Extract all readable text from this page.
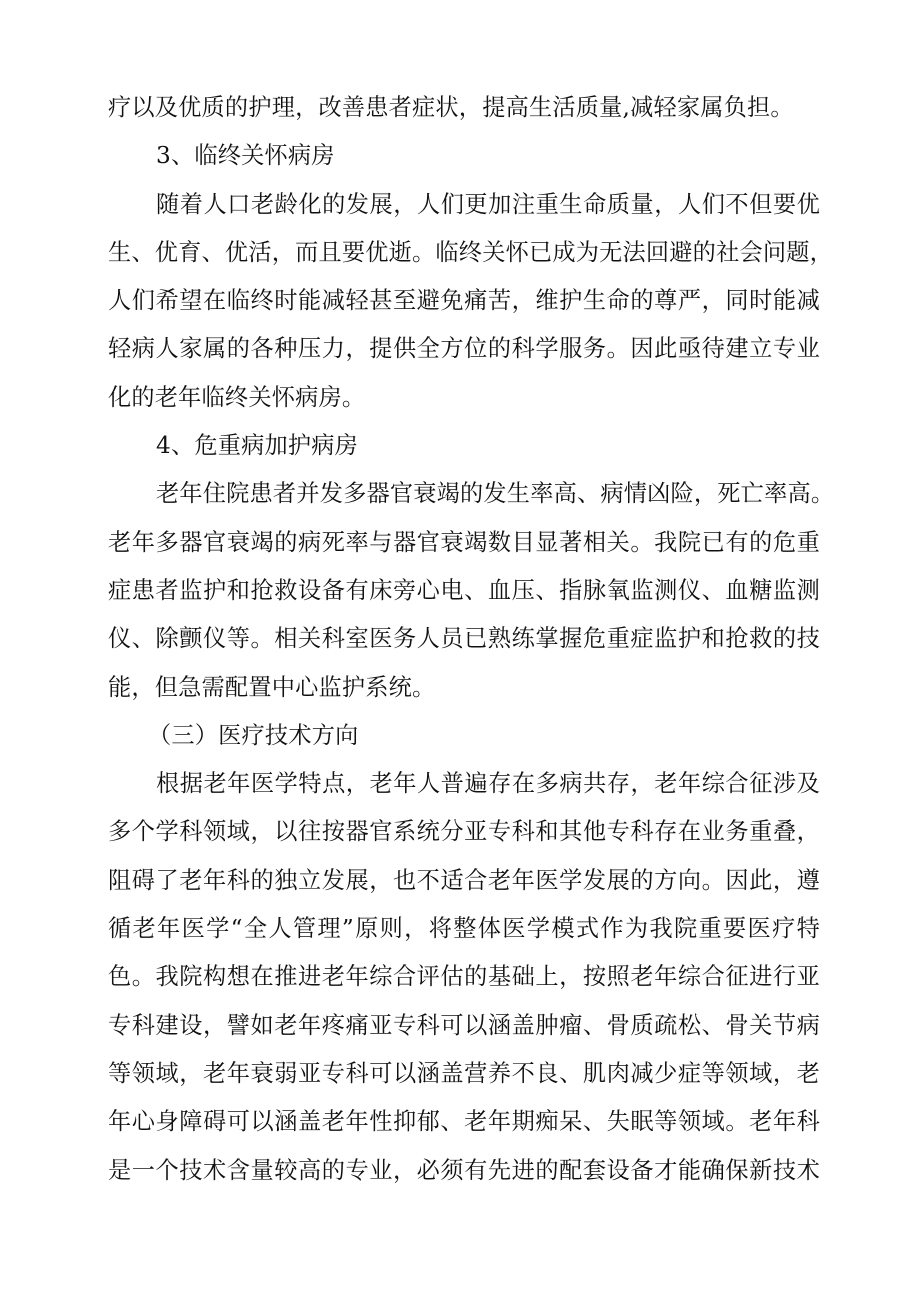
疗以及优质的护理，改善患者症状，提高生活质量,减轻家属负担。
3、临终关怀病房
随着人口老龄化的发展，人们更加注重生命质量，人们不但要优
生、优育、优活，而且要优逝。临终关怀已成为无法回避的社会问题，
人们希望在临终时能减轻甚至避免痛苦，维护生命的尊严，同时能减
轻病人家属的各种压力，提供全方位的科学服务。因此亟待建立专业
化的老年临终关怀病房。
4、危重病加护病房
老年住院患者并发多器官衰竭的发生率高、病情凶险，死亡率高。
老年多器官衰竭的病死率与器官衰竭数目显著相关。我院已有的危重
症患者监护和抢救设备有床旁心电、血压、指脉氧监测仪、血糖监测
仪、除颤仪等。相关科室医务人员已熟练掌握危重症监护和抢救的技
能，但急需配置中心监护系统。
（三）医疗技术方向
根据老年医学特点，老年人普遍存在多病共存，老年综合征涉及
多个学科领域，以往按器官系统分亚专科和其他专科存在业务重叠，
阻碍了老年科的独立发展，也不适合老年医学发展的方向。因此，遵
循老年医学“全人管理”原则，将整体医学模式作为我院重要医疗特
色。我院构想在推进老年综合评估的基础上，按照老年综合征进行亚
专科建设，譬如老年疼痛亚专科可以涵盖肿瘤、骨质疏松、骨关节病
等领域，老年衰弱亚专科可以涵盖营养不良、肌肉减少症等领域，老
年心身障碍可以涵盖老年性抑郁、老年期痴呆、失眠等领域。老年科
是一个技术含量较高的专业，必须有先进的配套设备才能确保新技术
